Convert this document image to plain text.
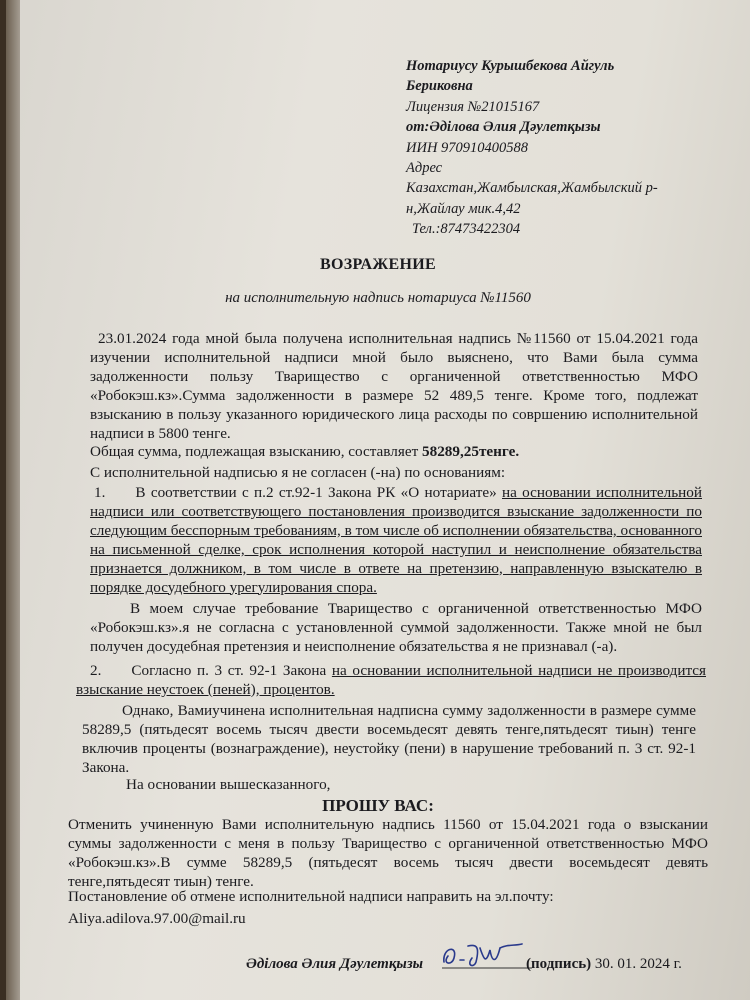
Нотариусу Курышбекова Айгуль
Бериковна
Лицензия №21015167
от:Әділова Әлия Дәулетқызы
ИИН 970910400588
Адрес
Казахстан,Жамбылская,Жамбылский р-
н,Жайлау мик.4,42
Тел.:87473422304
ВОЗРАЖЕНИЕ
на исполнительную надпись нотариуса №11560
23.01.2024 года мной была получена исполнительная надпись №11560 от 15.04.2021 года изучении исполнительной надписи мной было выяснено, что Вами была сумма задолженности пользу Тварищество с органиченной ответственностью МФО «Робокэш.кз».Сумма задолженности в размере 52 489,5 тенге. Кроме того, подлежат взысканию в пользу указанного юридического лица расходы по совршению исполнительной надписи в 5800 тенге.
Общая сумма, подлежащая взысканию, составляет 58289,25тенге.
С исполнительной надписью я не согласен (-на) по основаниям:
1. В соответствии с п.2 ст.92-1 Закона РК «О нотариате» на основании исполнительной надписи или соответствующего постановления производится взыскание задолженности по следующим бесспорным требованиям, в том числе об исполнении обязательства, основанного на письменной сделке, срок исполнения которой наступил и неисполнение обязательства признается должником, в том числе в ответе на претензию, направленную взыскателю в порядке досудебного урегулирования спора.
В моем случае требование Тварищество с органиченной ответственностью МФО «Робокэш.кз».я не согласна с установленной суммой задолженности. Также мной не был получен досудебная претензия и неисполнение обязательства я не признавал (-а).
2. Согласно п. 3 ст. 92-1 Закона на основании исполнительной надписи не производится взыскание неустоек (пеней), процентов.
Однако, Вамиучинена исполнительная надписна сумму задолженности в размере сумме 58289,5 (пятьдесят восемь тысяч двести восемьдесят девять тенге,пятьдесят тиын) тенге включив проценты (вознаграждение), неустойку (пени) в нарушение требований п. 3 ст. 92-1 Закона.
На основании вышесказанного,
ПРОШУ ВАС:
Отменить учиненную Вами исполнительную надпись 11560 от 15.04.2021 года о взыскании суммы задолженности с меня в пользу Тварищество с органиченной ответственностью МФО «Робокэш.кз».В сумме 58289,5 (пятьдесят восемь тысяч двести восемьдесят девять тенге,пятьдесят тиын) тенге.
Постановление об отмене исполнительной надписи направить на эл.почту:
Aliya.adilova.97.00@mail.ru
Әділова Әлия Дәулетқызы	(подпись) 30. 01. 2024 г.
